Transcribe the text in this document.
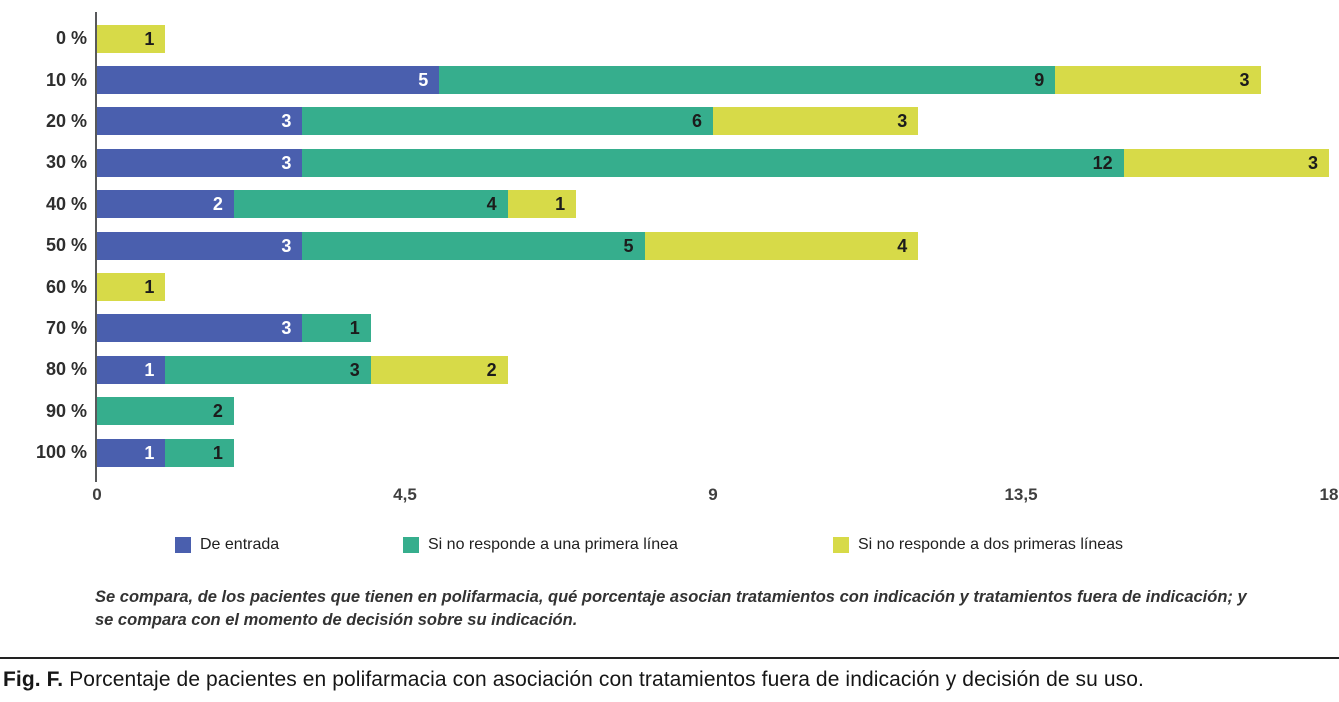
0 %	1
10 %	5	9	3
20 %	3	6	3
30 %	3	12	3
40 %	2	4	1
50 %	3	5	4
60 %	1
70 %	3	1
80 %	1	3	2
90 %	2
100 %	1	1
0	4,5	9	13,5	18
De entrada	Si no responde a una primera línea	Si no responde a dos primeras líneas
Se compara, de los pacientes que tienen en polifarmacia, qué porcentaje asocian tratamientos con indicación y tratamientos fuera de indicación; y se compara con el momento de decisión sobre su indicación.
Fig. F. Porcentaje de pacientes en polifarmacia con asociación con tratamientos fuera de indicación y decisión de su uso.
